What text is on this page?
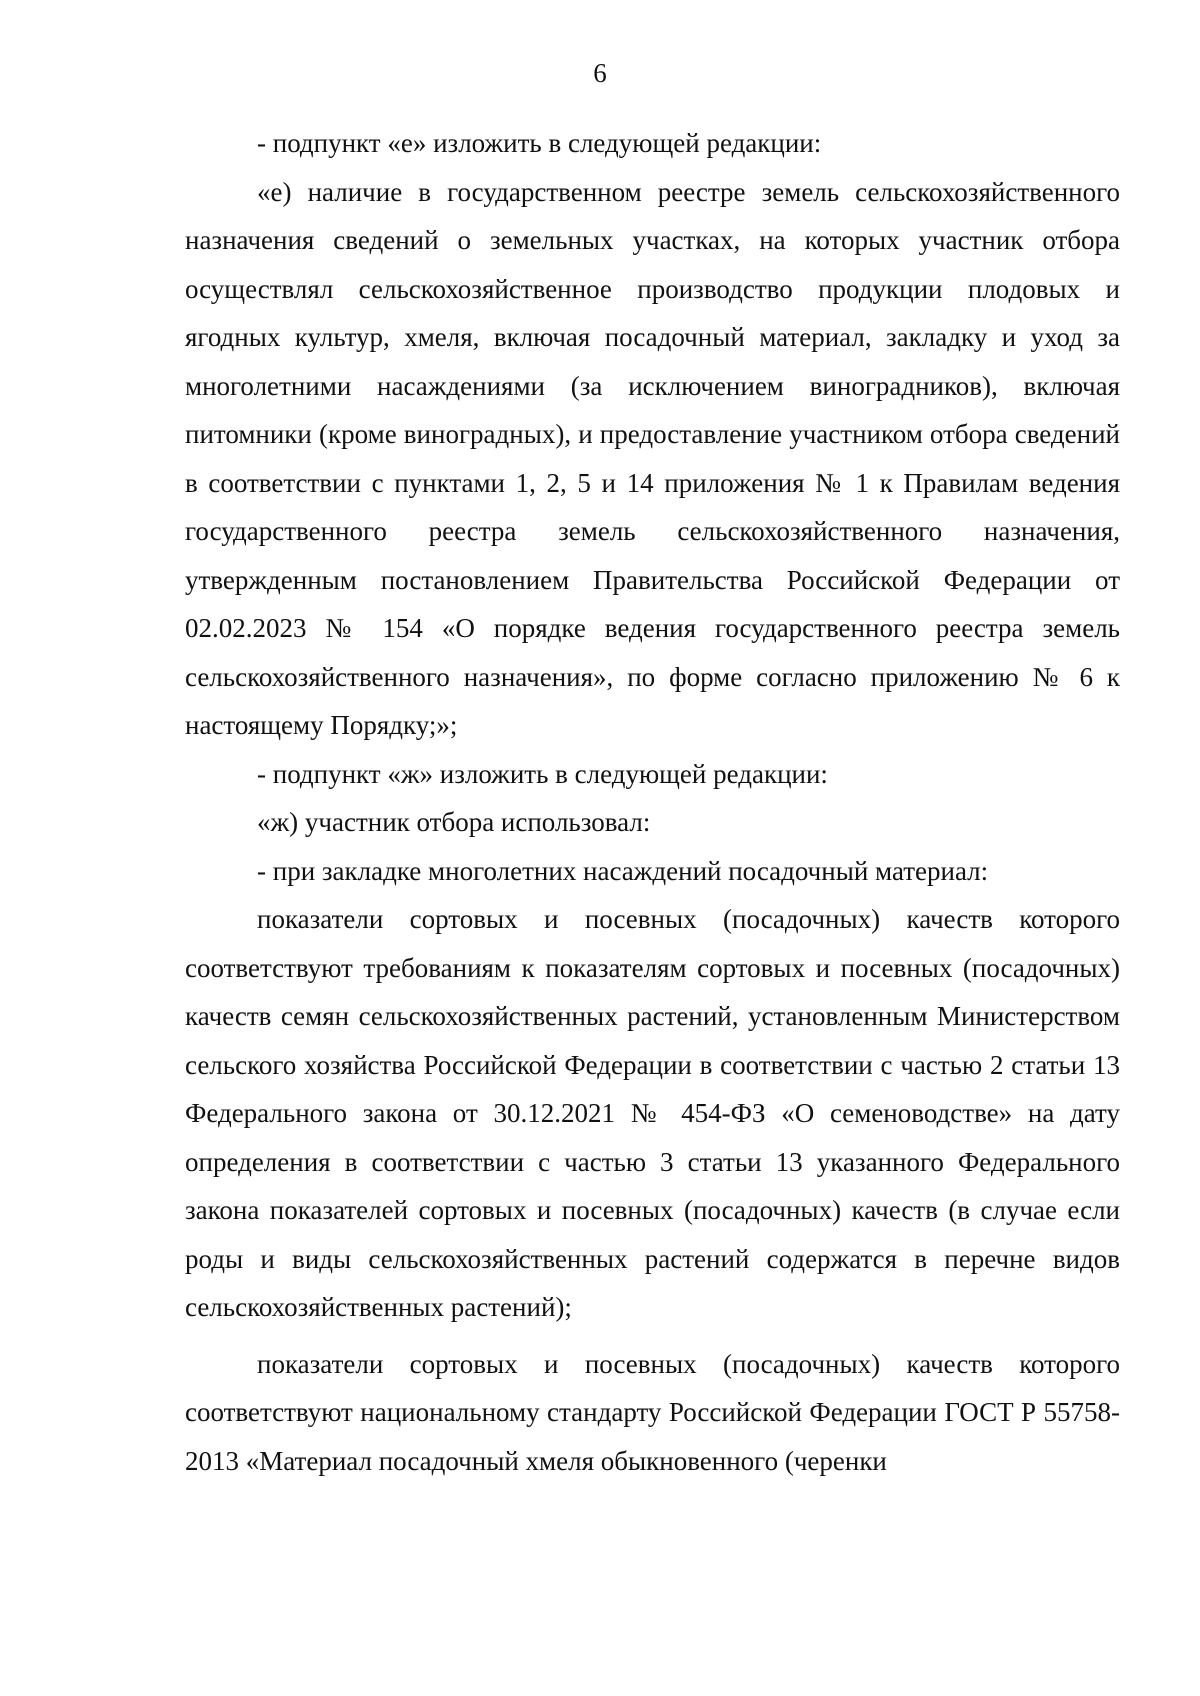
6

- подпункт «е» изложить в следующей редакции:

«е) наличие в государственном реестре земель сельскохозяйственного назначения сведений о земельных участках, на которых участник отбора осуществлял сельскохозяйственное производство продукции плодовых и ягодных культур, хмеля, включая посадочный материал, закладку и уход за многолетними насаждениями (за исключением виноградников), включая питомники (кроме виноградных), и предоставление участником отбора сведений в соответствии с пунктами 1, 2, 5 и 14 приложения № 1 к Правилам ведения государственного реестра земель сельскохозяйственного назначения, утвержденным постановлением Правительства Российской Федерации от 02.02.2023 № 154 «О порядке ведения государственного реестра земель сельскохозяйственного назначения», по форме согласно приложению № 6 к настоящему Порядку;»;

- подпункт «ж» изложить в следующей редакции:

«ж) участник отбора использовал:

- при закладке многолетних насаждений посадочный материал:

показатели сортовых и посевных (посадочных) качеств которого соответствуют требованиям к показателям сортовых и посевных (посадочных) качеств семян сельскохозяйственных растений, установленным Министерством сельского хозяйства Российской Федерации в соответствии с частью 2 статьи 13 Федерального закона от 30.12.2021 № 454-ФЗ «О семеноводстве» на дату определения в соответствии с частью 3 статьи 13 указанного Федерального закона показателей сортовых и посевных (посадочных) качеств (в случае если роды и виды сельскохозяйственных растений содержатся в перечне видов сельскохозяйственных растений);

показатели сортовых и посевных (посадочных) качеств которого соответствуют национальному стандарту Российской Федерации ГОСТ Р 55758-2013 «Материал посадочный хмеля обыкновенного (черенки
